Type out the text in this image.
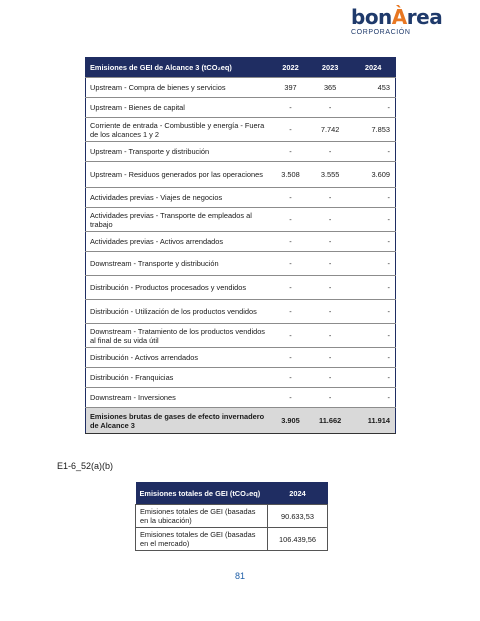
bonÀrea
CORPORACIÓN
Emisiones de GEI de Alcance 3 (tCO₂eq)	2022	2023	2024
Upstream - Compra de bienes y servicios	397	365	453
Upstream - Bienes de capital	-	-	-
Corriente de entrada - Combustible y energía - Fuera de los alcances 1 y 2	-	7.742	7.853
Upstream - Transporte y distribución	-	-	-
Upstream - Residuos generados por las operaciones	3.508	3.555	3.609
Actividades previas - Viajes de negocios	-	-	-
Actividades previas - Transporte de empleados al trabajo	-	-	-
Actividades previas - Activos arrendados	-	-	-
Downstream - Transporte y distribución	-	-	-
Distribución - Productos procesados y vendidos	-	-	-
Distribución - Utilización de los productos vendidos	-	-	-
Downstream - Tratamiento de los productos vendidos al final de su vida útil	-	-	-
Distribución - Activos arrendados	-	-	-
Distribución - Franquicias	-	-	-
Downstream - Inversiones	-	-	-
Emisiones brutas de gases de efecto invernadero de Alcance 3	3.905	11.662	11.914
E1-6_52(a)(b)
Emisiones totales de GEI (tCO₂eq)	2024
Emisiones totales de GEI (basadas en la ubicación)	90.633,53
Emisiones totales de GEI (basadas en el mercado)	106.439,56
81
